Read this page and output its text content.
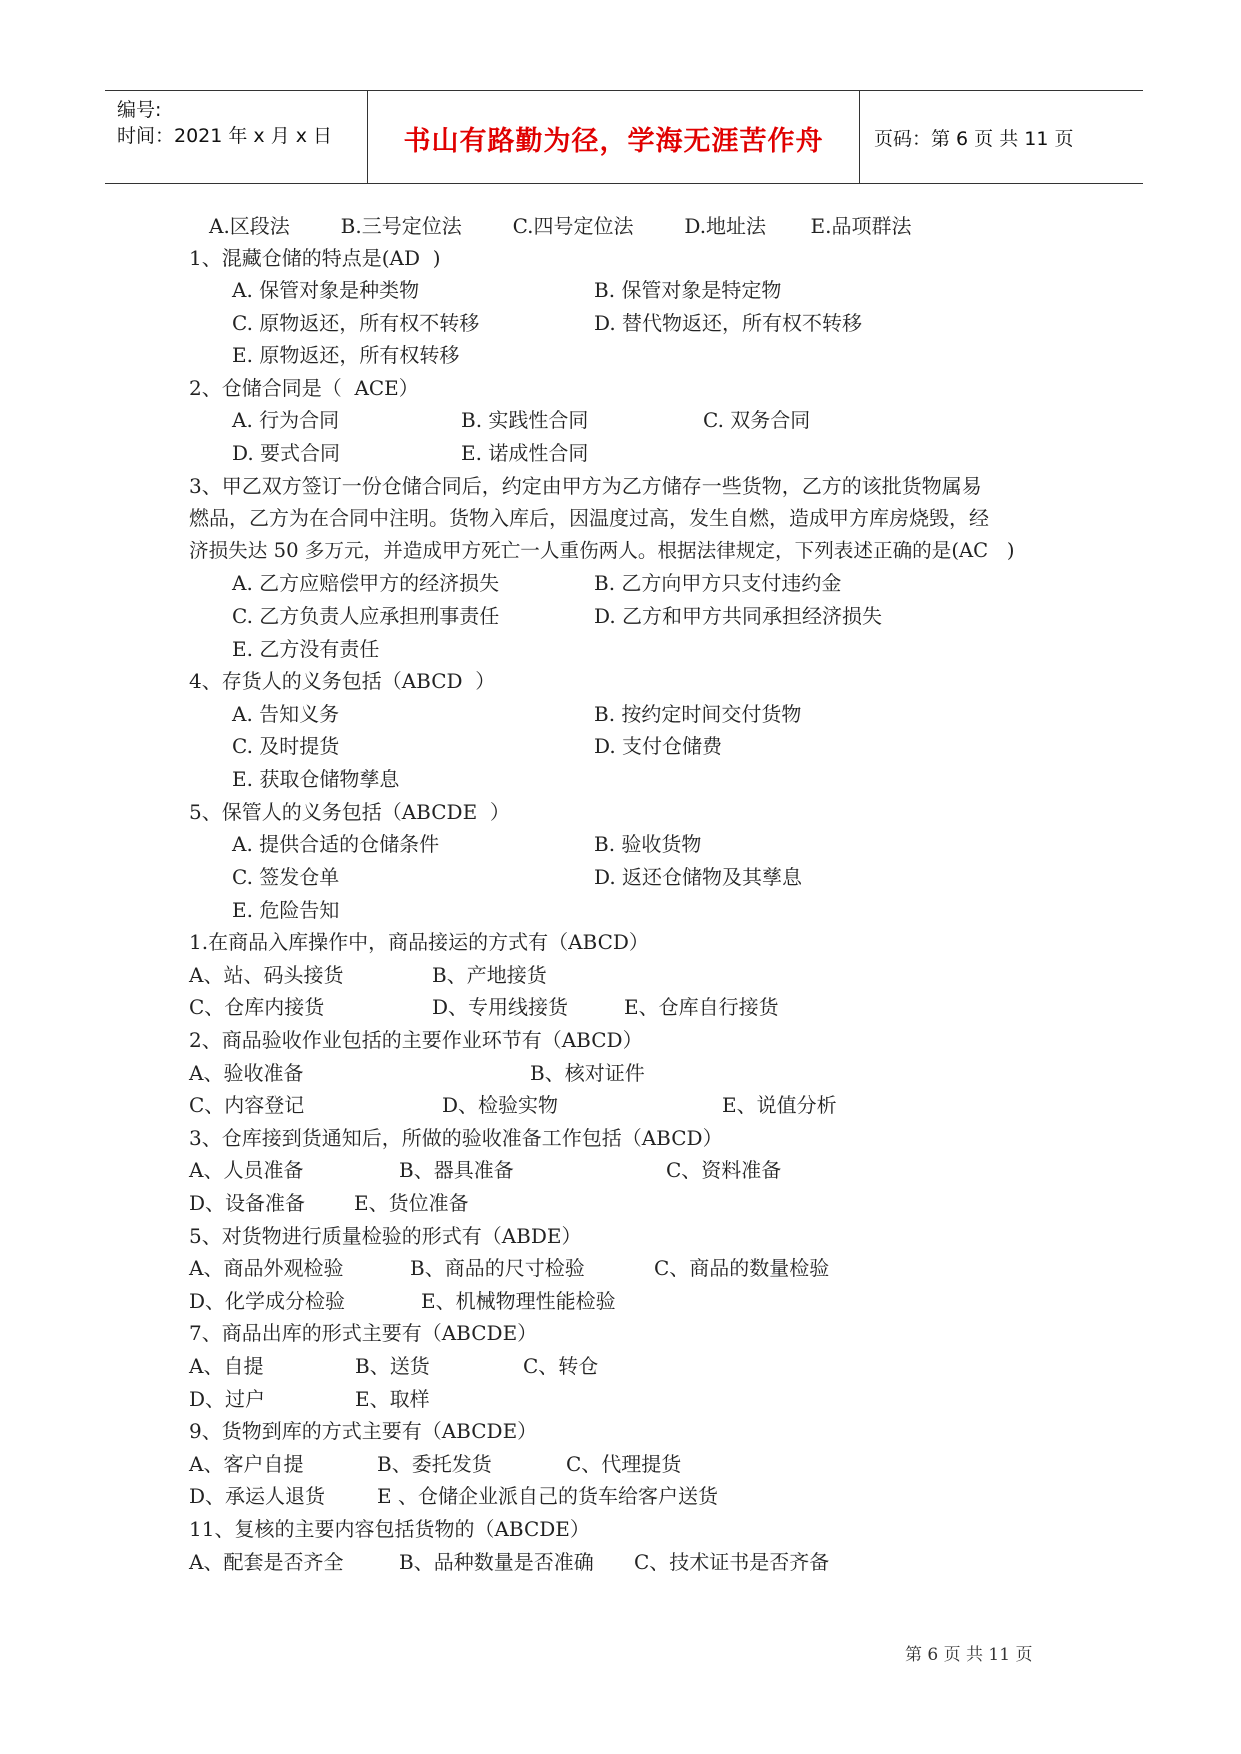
编号:
时间：2021 年 x 月 x 日	书山有路勤为径，学海无涯苦作舟	页码：第 6 页 共 11 页
A.区段法        B.三号定位法        C.四号定位法        D.地址法       E.品项群法
1、混藏仓储的特点是(AD  )
A. 保管对象是种类物	B. 保管对象是特定物
C. 原物返还，所有权不转移	D. 替代物返还，所有权不转移
E. 原物返还，所有权转移
2、仓储合同是（  ACE）
A. 行为合同	B. 实践性合同	C. 双务合同
D. 要式合同	E. 诺成性合同
3、甲乙双方签订一份仓储合同后，约定由甲方为乙方储存一些货物，乙方的该批货物属易
燃品，乙方为在合同中注明。货物入库后，因温度过高，发生自燃，造成甲方库房烧毁，经
济损失达 50 多万元，并造成甲方死亡一人重伤两人。根据法律规定，下列表述正确的是(AC   )
A. 乙方应赔偿甲方的经济损失	B. 乙方向甲方只支付违约金
C. 乙方负责人应承担刑事责任	D. 乙方和甲方共同承担经济损失
E. 乙方没有责任
4、存货人的义务包括（ABCD  ）
A. 告知义务	B. 按约定时间交付货物
C. 及时提货	D. 支付仓储费
E. 获取仓储物孳息
5、保管人的义务包括（ABCDE  ）
A. 提供合适的仓储条件	B. 验收货物
C. 签发仓单	D. 返还仓储物及其孳息
E. 危险告知
1.在商品入库操作中，商品接运的方式有（ABCD）
A、站、码头接货	B、产地接货
C、仓库内接货	D、专用线接货	E、仓库自行接货
2、商品验收作业包括的主要作业环节有（ABCD）
A、验收准备	B、核对证件
C、内容登记	D、检验实物	E、说值分析
3、仓库接到货通知后，所做的验收准备工作包括（ABCD）
A、人员准备	B、器具准备	C、资料准备
D、设备准备 E、货位准备
5、对货物进行质量检验的形式有（ABDE）
A、商品外观检验	B、商品的尺寸检验	C、商品的数量检验
D、化学成分检验	E、机械物理性能检验
7、商品出库的形式主要有（ABCDE）
A、自提	B、送货	C、转仓
D、过户	E、取样
9、货物到库的方式主要有（ABCDE）
A、客户自提	B、委托发货	C、代理提货
D、承运人退货	E 、仓储企业派自己的货车给客户送货
11、复核的主要内容包括货物的（ABCDE）
A、配套是否齐全	B、品种数量是否准确 C、技术证书是否齐备
第 6 页 共 11 页
